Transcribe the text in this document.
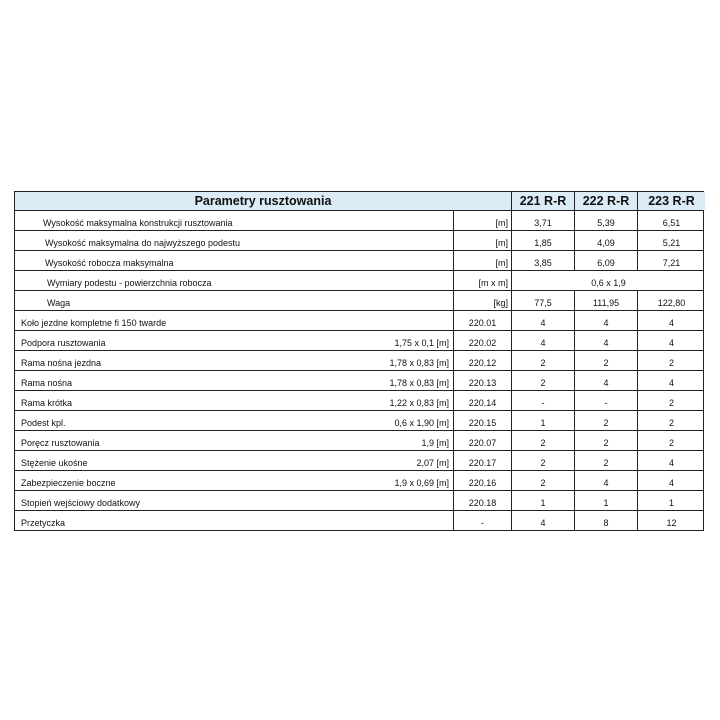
Parametry rusztowania	221 R-R	222 R-R	223 R-R
Wysokość maksymalna konstrukcji rusztowania	[m]	3,71	5,39	6,51
Wysokość maksymalna do najwyższego podestu	[m]	1,85	4,09	5,21
Wysokość robocza maksymalna	[m]	3,85	6,09	7,21
Wymiary podestu - powierzchnia robocza	[m x m]	0,6 x 1,9
Waga	[kg]	77,5	111,95	122,80
Koło jezdne kompletne fi 150 twarde	220.01	4	4	4
Podpora rusztowania	1,75 x 0,1 [m]	220.02	4	4	4
Rama nośna jezdna	1,78 x 0,83 [m]	220.12	2	2	2
Rama nośna	1,78 x 0,83 [m]	220.13	2	4	4
Rama krótka	1,22 x 0,83 [m]	220.14	-	-	2
Podest kpl.	0,6 x 1,90 [m]	220.15	1	2	2
Poręcz rusztowania	1,9 [m]	220.07	2	2	2
Stężenie ukośne	2,07 [m]	220.17	2	2	4
Zabezpieczenie boczne	1,9 x 0,69 [m]	220.16	2	4	4
Stopień wejściowy dodatkowy	220.18	1	1	1
Przetyczka	-	4	8	12
